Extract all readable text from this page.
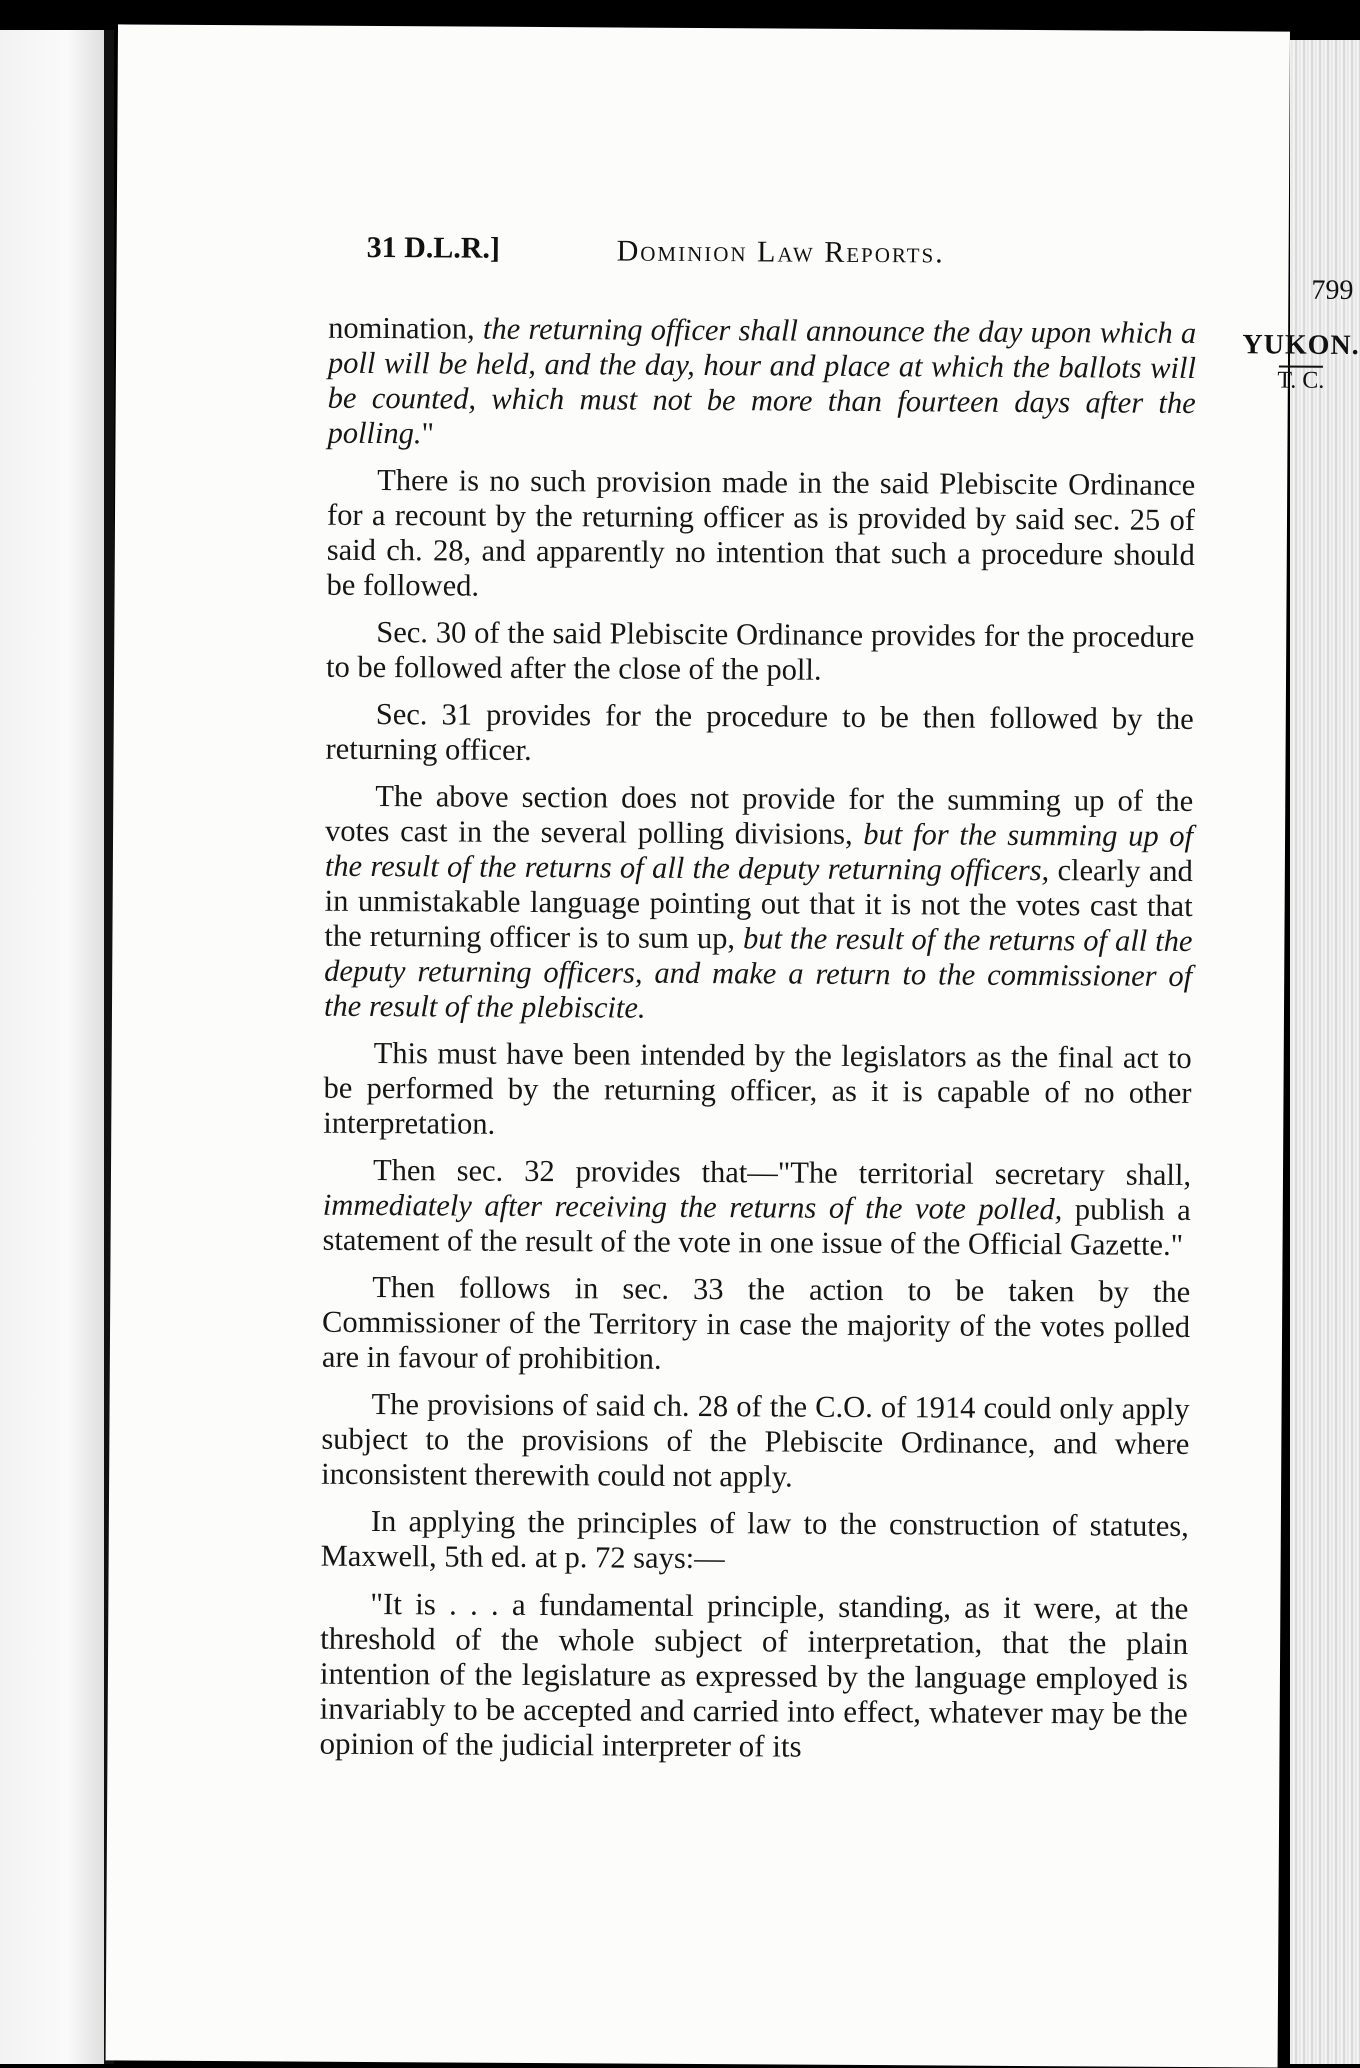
31 D.L.R.]	Dominion Law Reports.
799
YUKON.
T. C.

nomination, the returning officer shall announce the day upon which a poll will be held, and the day, hour and place at which the ballots will be counted, which must not be more than fourteen days after the polling."

There is no such provision made in the said Plebiscite Ordinance for a recount by the returning officer as is provided by said sec. 25 of said ch. 28, and apparently no intention that such a procedure should be followed.

Sec. 30 of the said Plebiscite Ordinance provides for the procedure to be followed after the close of the poll.

Sec. 31 provides for the procedure to be then followed by the returning officer.

The above section does not provide for the summing up of the votes cast in the several polling divisions, but for the summing up of the result of the returns of all the deputy returning officers, clearly and in unmistakable language pointing out that it is not the votes cast that the returning officer is to sum up, but the result of the returns of all the deputy returning officers, and make a return to the commissioner of the result of the plebiscite.

This must have been intended by the legislators as the final act to be performed by the returning officer, as it is capable of no other interpretation.

Then sec. 32 provides that—"The territorial secretary shall, immediately after receiving the returns of the vote polled, publish a statement of the result of the vote in one issue of the Official Gazette."

Then follows in sec. 33 the action to be taken by the Commissioner of the Territory in case the majority of the votes polled are in favour of prohibition.

The provisions of said ch. 28 of the C.O. of 1914 could only apply subject to the provisions of the Plebiscite Ordinance, and where inconsistent therewith could not apply.

In applying the principles of law to the construction of statutes, Maxwell, 5th ed. at p. 72 says:—

"It is . . . a fundamental principle, standing, as it were, at the threshold of the whole subject of interpretation, that the plain intention of the legislature as expressed by the language employed is invariably to be accepted and carried into effect, whatever may be the opinion of the judicial interpreter of its
